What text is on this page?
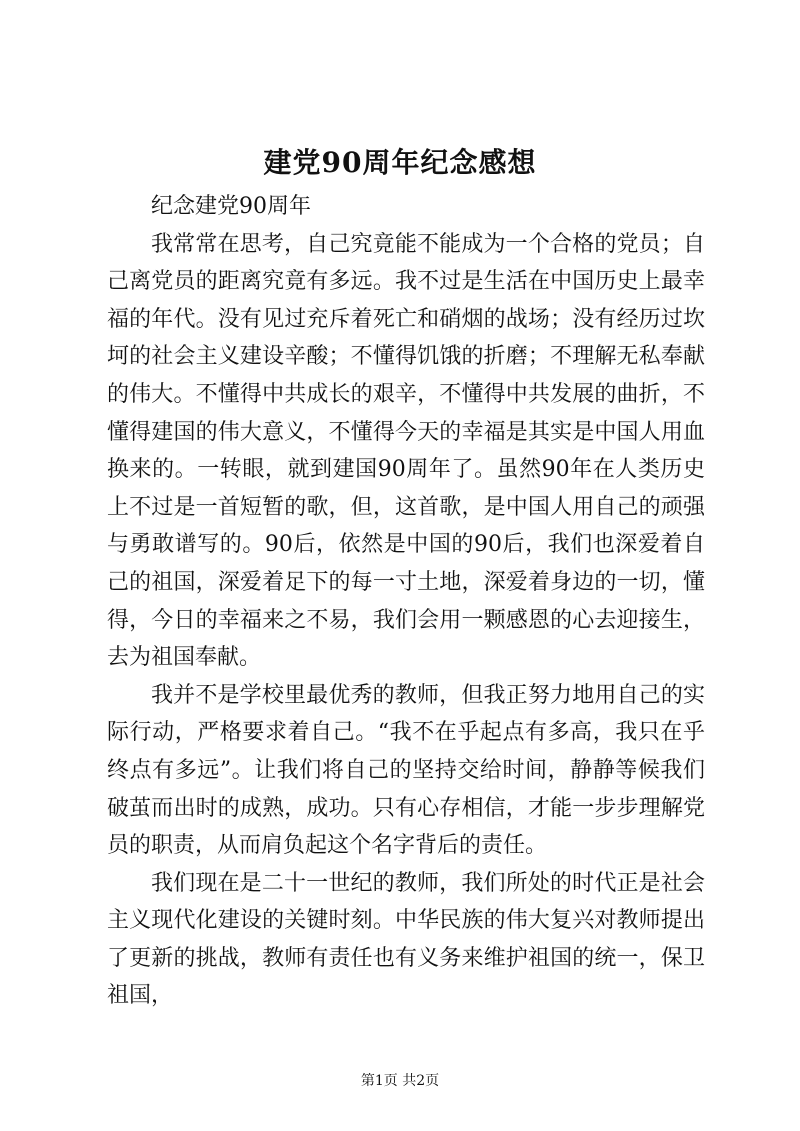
建党90周年纪念感想

纪念建党90周年

我常常在思考，自己究竟能不能成为一个合格的党员；自己离党员的距离究竟有多远。我不过是生活在中国历史上最幸福的年代。没有见过充斥着死亡和硝烟的战场；没有经历过坎坷的社会主义建设辛酸；不懂得饥饿的折磨；不理解无私奉献的伟大。不懂得中共成长的艰辛，不懂得中共发展的曲折，不懂得建国的伟大意义，不懂得今天的幸福是其实是中国人用血换来的。一转眼，就到建国90周年了。虽然90年在人类历史上不过是一首短暂的歌，但，这首歌，是中国人用自己的顽强与勇敢谱写的。90后，依然是中国的90后，我们也深爱着自己的祖国，深爱着足下的每一寸土地，深爱着身边的一切，懂得，今日的幸福来之不易，我们会用一颗感恩的心去迎接生，去为祖国奉献。

我并不是学校里最优秀的教师，但我正努力地用自己的实际行动，严格要求着自己。“我不在乎起点有多高，我只在乎终点有多远”。让我们将自己的坚持交给时间，静静等候我们破茧而出时的成熟，成功。只有心存相信，才能一步步理解党员的职责，从而肩负起这个名字背后的责任。

我们现在是二十一世纪的教师，我们所处的时代正是社会主义现代化建设的关键时刻。中华民族的伟大复兴对教师提出了更新的挑战，教师有责任也有义务来维护祖国的统一，保卫祖国，

第1页 共2页
